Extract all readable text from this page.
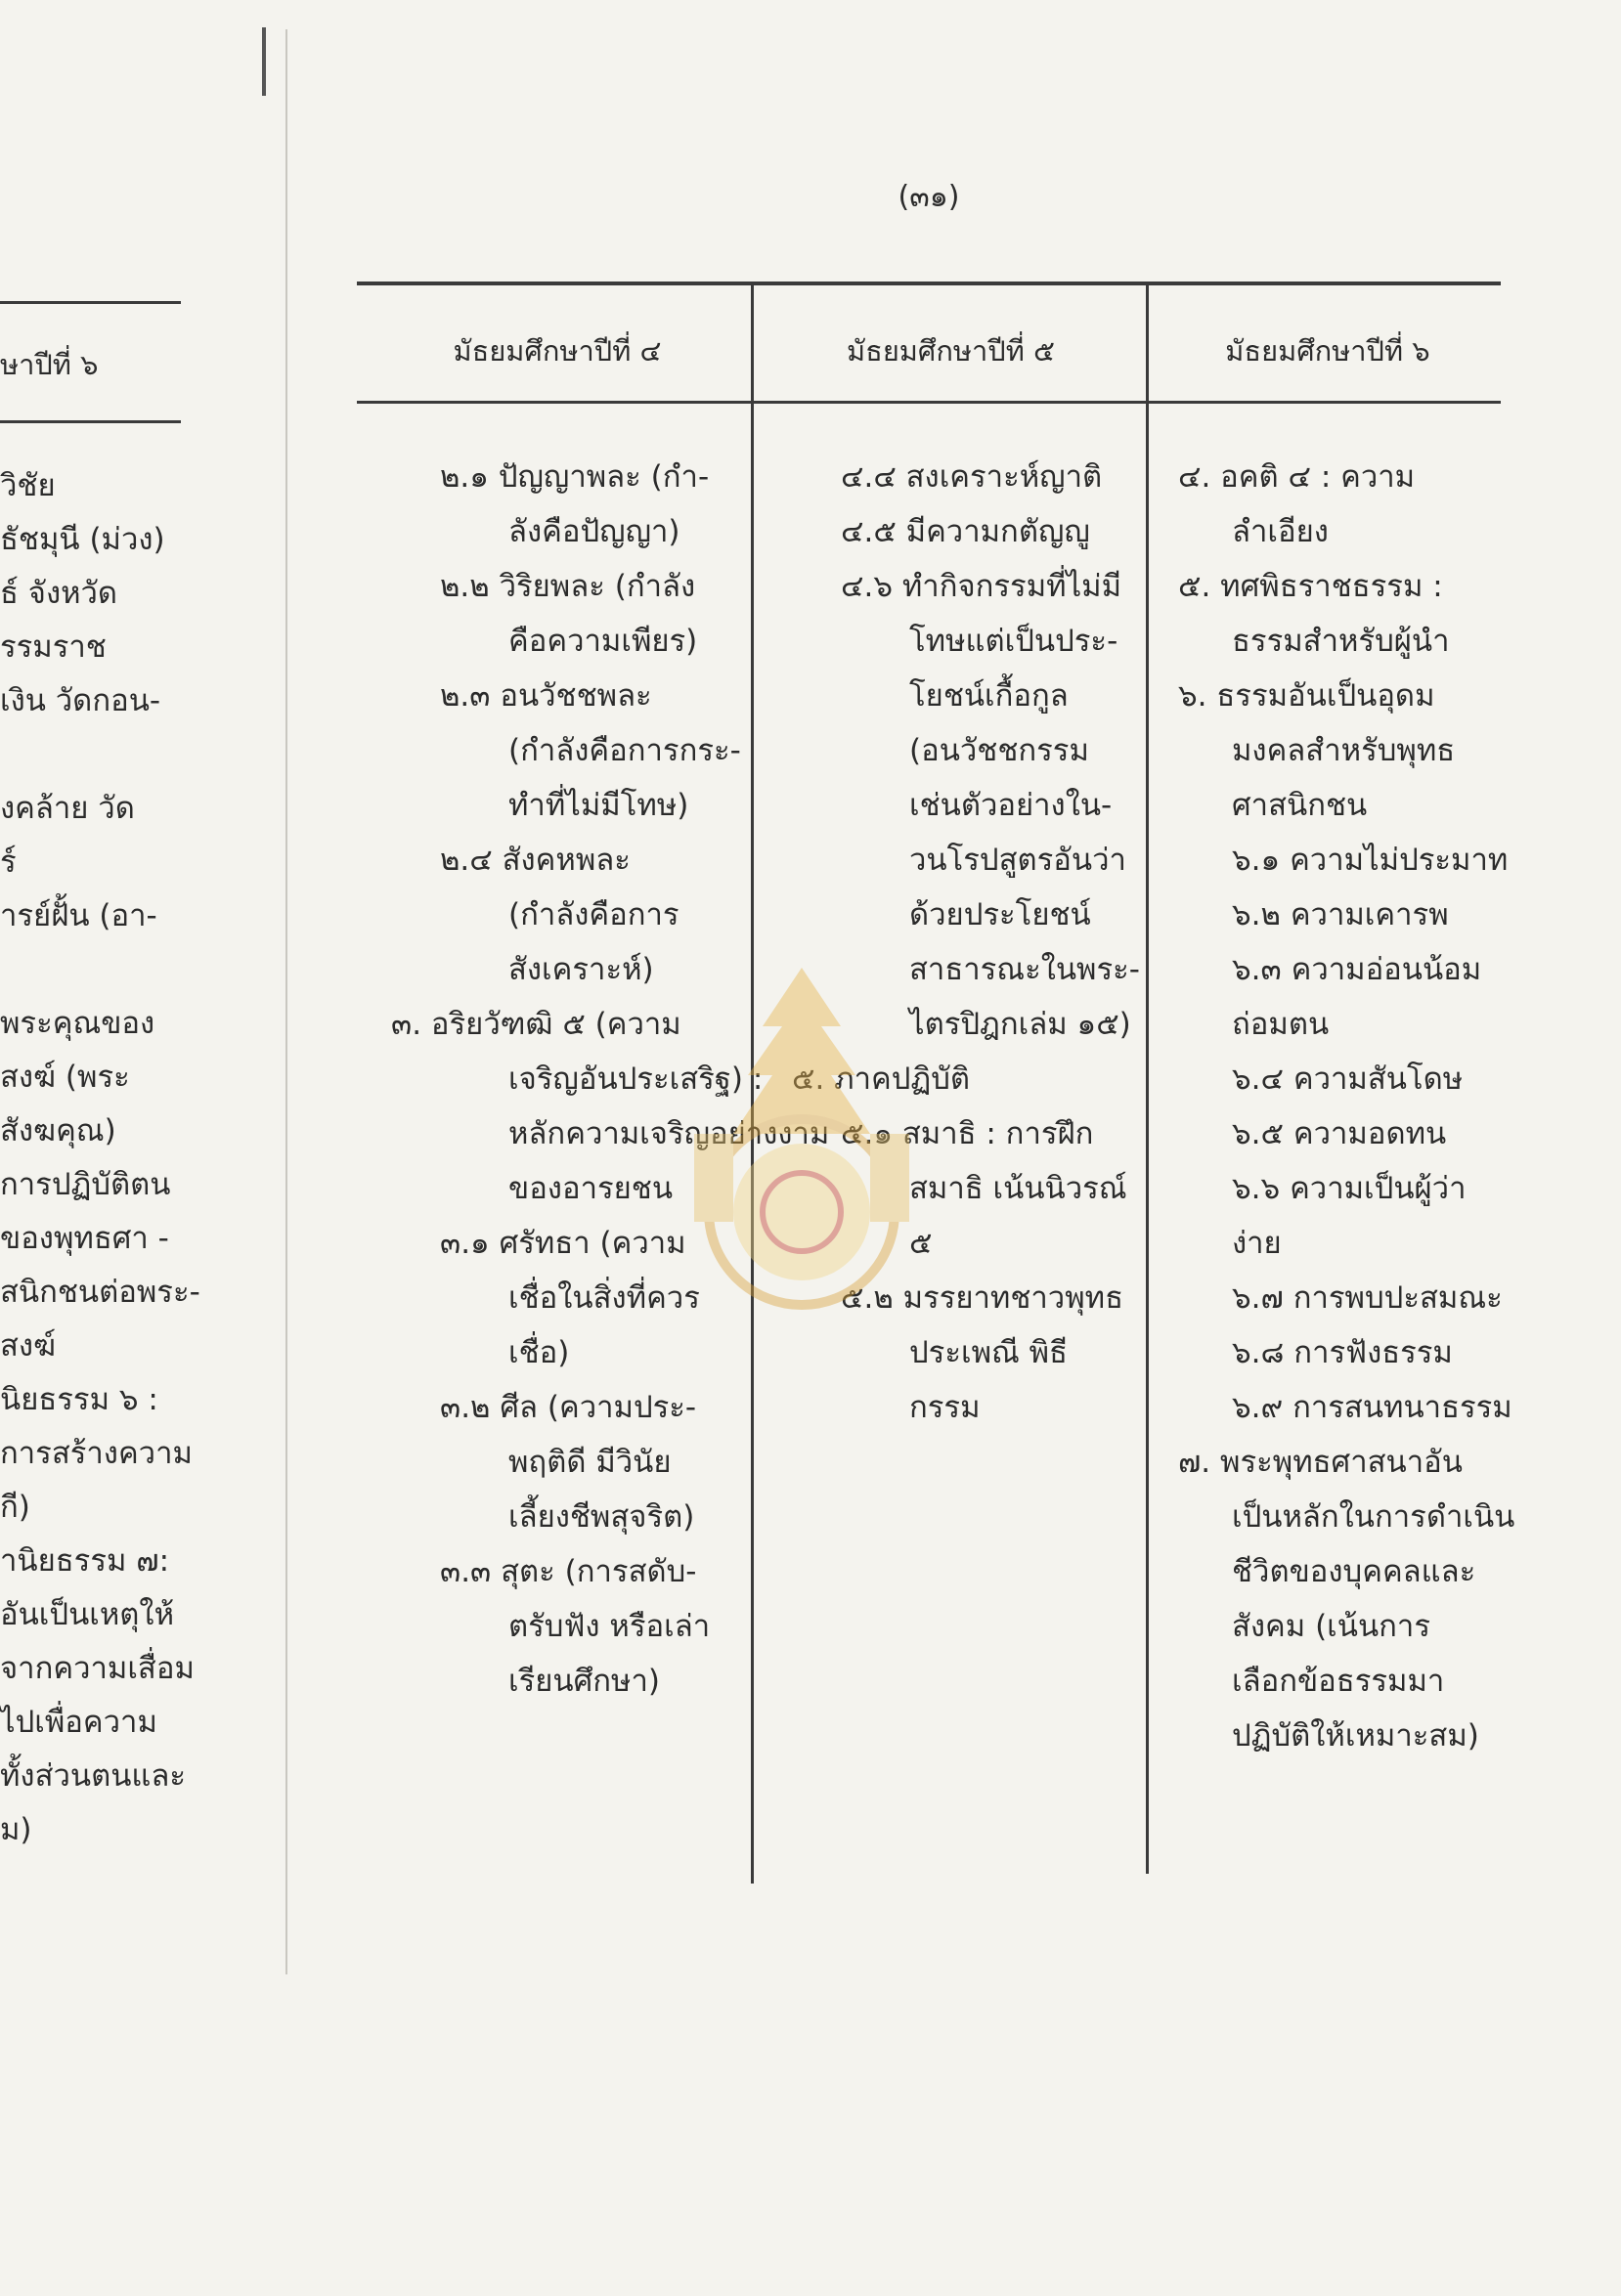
ษาปีที่ ๖
วิชัย
ธัชมุนี (ม่วง)
ธ์ จังหวัด
รรมราช
เงิน วัดกอน-

งคล้าย วัด
ร์
ารย์ฝั้น (อา-

พระคุณของ
สงฆ์ (พระ
สังฆคุณ)
การปฏิบัติตน
ของพุทธศา -
สนิกชนต่อพระ-
สงฆ์
นิยธรรม ๖ :
การสร้างความ
กี)
านิยธรรม ๗:
อันเป็นเหตุให้
จากความเสื่อม
ไปเพื่อความ
ทั้งส่วนตนและ
ม)
(๓๑)
มัธยมศึกษาปีที่ ๔	มัธยมศึกษาปีที่ ๕	มัธยมศึกษาปีที่ ๖
๒.๑ ปัญญาพละ (กำ-
ลังคือปัญญา)
๒.๒ วิริยพละ (กำลัง
คือความเพียร)
๒.๓ อนวัชชพละ
(กำลังคือการกระ-
ทำที่ไม่มีโทษ)
๒.๔ สังคหพละ
(กำลังคือการ
สังเคราะห์)
๓. อริยวัฑฒิ ๕ (ความ
เจริญอันประเสริฐ) :
หลักความเจริญอย่างงาม
ของอารยชน
๓.๑ ศรัทธา (ความ
เชื่อในสิ่งที่ควร
เชื่อ)
๓.๒ ศีล (ความประ-
พฤติดี มีวินัย
เลี้ยงชีพสุจริต)
๓.๓ สุตะ (การสดับ-
ตรับฟัง หรือเล่า
เรียนศึกษา)
๔.๔ สงเคราะห์ญาติ
๔.๕ มีความกตัญญู
๔.๖ ทำกิจกรรมที่ไม่มี
โทษแต่เป็นประ-
โยชน์เกื้อกูล
(อนวัชชกรรม
เช่นตัวอย่างใน-
วนโรปสูตรอันว่า
ด้วยประโยชน์
สาธารณะในพระ-
ไตรปิฎกเล่ม ๑๕)
๕. ภาคปฏิบัติ
๕.๑ สมาธิ : การฝึก
สมาธิ เน้นนิวรณ์
๕
๕.๒ มรรยาทชาวพุทธ
ประเพณี พิธี
กรรม
๔. อคติ ๔ : ความ
ลำเอียง
๕. ทศพิธราชธรรม :
ธรรมสำหรับผู้นำ
๖. ธรรมอันเป็นอุดม
มงคลสำหรับพุทธ
ศาสนิกชน
๖.๑ ความไม่ประมาท
๖.๒ ความเคารพ
๖.๓ ความอ่อนน้อม
ถ่อมตน
๖.๔ ความสันโดษ
๖.๕ ความอดทน
๖.๖ ความเป็นผู้ว่า
ง่าย
๖.๗ การพบปะสมณะ
๖.๘ การฟังธรรม
๖.๙ การสนทนาธรรม
๗. พระพุทธศาสนาอัน
เป็นหลักในการดำเนิน
ชีวิตของบุคคลและ
สังคม (เน้นการ
เลือกข้อธรรมมา
ปฏิบัติให้เหมาะสม)
